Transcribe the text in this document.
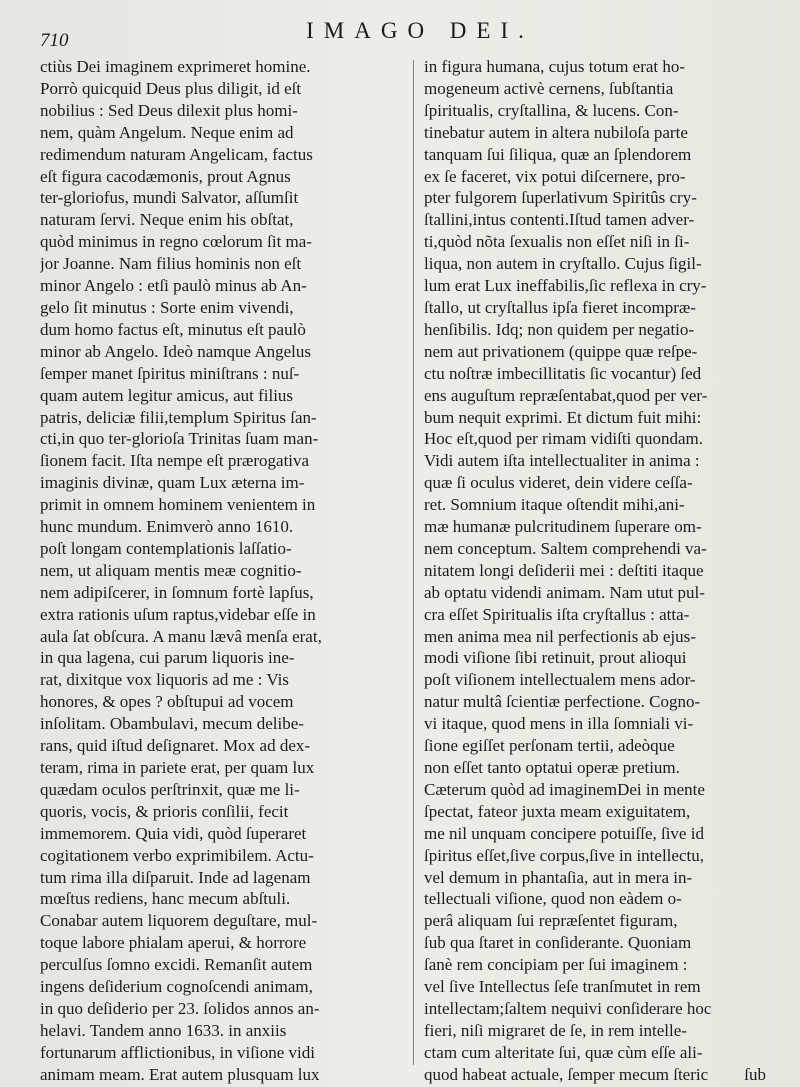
710	IMAGO DEI.
ctiùs Dei imaginem exprimeret homine.
Porrò quicquid Deus plus diligit, id eſt
nobilius : Sed Deus dilexit plus homi-
nem, quàm Angelum. Neque enim ad
redimendum naturam Angelicam, factus
eſt figura cacodæmonis, prout Agnus
ter-gloriofus, mundi Salvator, aſſumſit
naturam ſervi. Neque enim his obſtat,
quòd minimus in regno cœlorum ſit ma-
jor Joanne. Nam filius hominis non eſt
minor Angelo : etſi paulò minus ab An-
gelo ſit minutus : Sorte enim vivendi,
dum homo factus eſt, minutus eſt paulò
minor ab Angelo. Ideò namque Angelus
ſemper manet ſpiritus miniſtrans : nuſ-
quam autem legitur amicus, aut filius
patris, deliciæ filii,templum Spiritus ſan-
cti,in quo ter-glorioſa Trinitas ſuam man-
ſionem facit. Iſta nempe eſt prærogativa
imaginis divinæ, quam Lux æterna im-
primit in omnem hominem venientem in
hunc mundum. Enimverò anno 1610.
poſt longam contemplationis laſſatio-
nem, ut aliquam mentis meæ cognitio-
nem adipiſcerer, in ſomnum fortè lapſus,
extra rationis uſum raptus,videbar eſſe in
aula ſat obſcura. A manu lævâ menſa erat,
in qua lagena, cui parum liquoris ine-
rat, dixitque vox liquoris ad me : Vis
honores, & opes ? obſtupui ad vocem
inſolitam. Obambulavi, mecum delibe-
rans, quid iſtud deſignaret. Mox ad dex-
teram, rima in pariete erat, per quam lux
quædam oculos perſtrinxit, quæ me li-
quoris, vocis, & prioris conſilii, fecit
immemorem. Quia vidi, quòd ſuperaret
cogitationem verbo exprimibilem. Actu-
tum rima illa diſparuit. Inde ad lagenam
mœſtus rediens, hanc mecum abſtuli.
Conabar autem liquorem deguſtare, mul-
toque labore phialam aperui, & horrore
perculſus ſomno excidi. Remanſit autem
ingens deſiderium cognoſcendi animam,
in quo deſiderio per 23. ſolidos annos an-
helavi. Tandem anno 1633. in anxiis
fortunarum afflictionibus, in viſione vidi
animam meam. Erat autem plusquam lux
in figura humana, cujus totum erat ho-
mogeneum activè cernens, ſubſtantia
ſpiritualis, cryſtallina, & lucens. Con-
tinebatur autem in altera nubiloſa parte
tanquam ſui ſiliqua, quæ an ſplendorem
ex ſe faceret, vix potui diſcernere, pro-
pter fulgorem ſuperlativum Spiritûs cry-
ſtallini,intus contenti.Iſtud tamen adver-
ti,quòd nõta ſexualis non eſſet niſi in ſi-
liqua, non autem in cryſtallo. Cujus ſigil-
lum erat Lux ineffabilis,ſic reflexa in cry-
ſtallo, ut cryſtallus ipſa fieret incompræ-
henſibilis. Idq; non quidem per negatio-
nem aut privationem (quippe quæ reſpe-
ctu noſtræ imbecillitatis ſic vocantur) ſed
ens auguſtum repræſentabat,quod per ver-
bum nequit exprimi. Et dictum fuit mihi:
Hoc eſt,quod per rimam vidiſti quondam.
Vidi autem iſta intellectualiter in anima :
quæ ſi oculus videret, dein videre ceſſa-
ret. Somnium itaque oſtendit mihi,ani-
mæ humanæ pulcritudinem ſuperare om-
nem conceptum. Saltem comprehendi va-
nitatem longi deſiderii mei : deſtiti itaque
ab optatu videndi animam. Nam utut pul-
cra eſſet Spiritualis iſta cryſtallus : atta-
men anima mea nil perfectionis ab ejus-
modi viſione ſibi retinuit, prout alioqui
poſt viſionem intellectualem mens ador-
natur multâ ſcientiæ perfectione. Cogno-
vi itaque, quod mens in illa ſomniali vi-
ſione egiſſet perſonam tertii, adeòque
non eſſet tanto optatui operæ pretium.
Cæterum quòd ad imaginemDei in mente
ſpectat, fateor juxta meam exiguitatem,
me nil unquam concipere potuiſſe, ſive id
ſpiritus eſſet,ſive corpus,ſive in intellectu,
vel demum in phantaſia, aut in mera in-
tellectuali viſione, quod non eàdem o-
perâ aliquam ſui repræſentet figuram,
ſub qua ſtaret in conſiderante. Quoniam
ſanè rem concipiam per ſui imaginem :
vel ſive Intellectus ſeſe tranſmutet in rem
intellectam;ſaltem nequivi conſiderare hoc
fieri, niſi migraret de ſe, in rem intelle-
ctam cum alteritate ſui, quæ cùm eſſe ali-
quod habeat actuale, ſemper mecum ſteric	ſub
